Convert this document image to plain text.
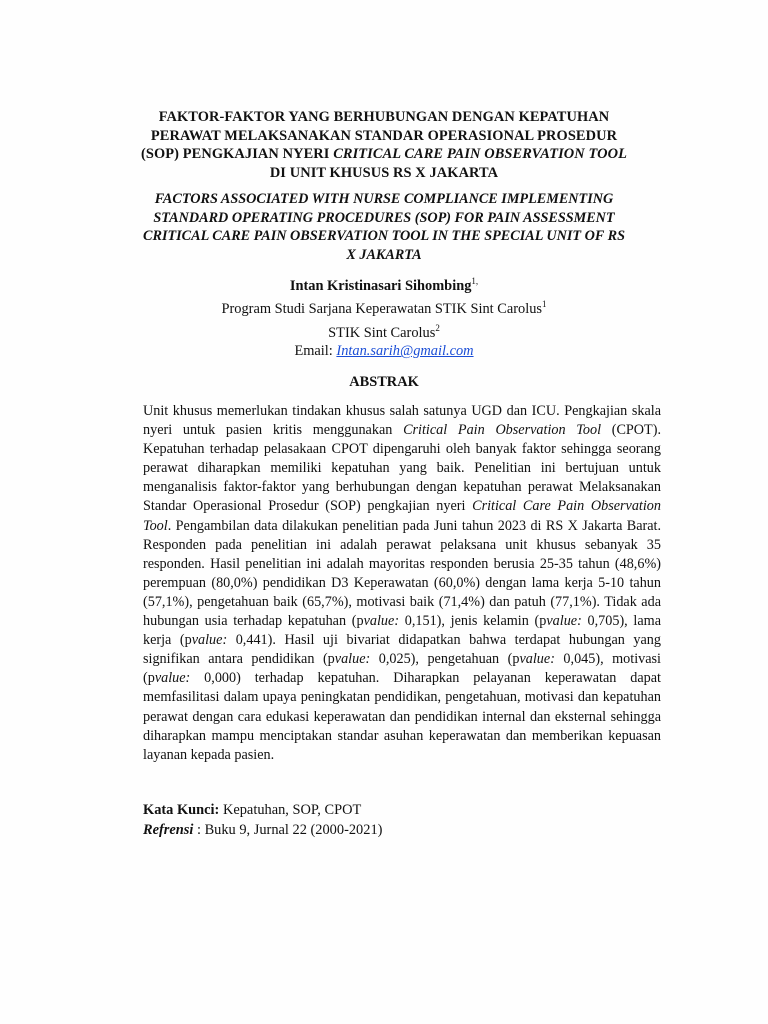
FAKTOR-FAKTOR YANG BERHUBUNGAN DENGAN KEPATUHAN
PERAWAT MELAKSANAKAN STANDAR OPERASIONAL PROSEDUR
(SOP) PENGKAJIAN NYERI CRITICAL CARE PAIN OBSERVATION TOOL
DI UNIT KHUSUS RS X JAKARTA
FACTORS ASSOCIATED WITH NURSE COMPLIANCE IMPLEMENTING
STANDARD OPERATING PROCEDURES (SOP) FOR PAIN ASSESSMENT
CRITICAL CARE PAIN OBSERVATION TOOL IN THE SPECIAL UNIT OF RS
X JAKARTA
Intan Kristinasari Sihombing$^{1,}$
Program Studi Sarjana Keperawatan STIK Sint Carolus$^1$
STIK Sint Carolus$^2$
Email: Intan.sarih@gmail.com
ABSTRAK

Unit khusus memerlukan tindakan khusus salah satunya UGD dan ICU. Pengkajian skala nyeri untuk pasien kritis menggunakan Critical Pain Observation Tool (CPOT). Kepatuhan terhadap pelasakaan CPOT dipengaruhi oleh banyak faktor sehingga seorang perawat diharapkan memiliki kepatuhan yang baik. Penelitian ini bertujuan untuk menganalisis faktor-faktor yang berhubungan dengan kepatuhan perawat Melaksanakan Standar Operasional Prosedur (SOP) pengkajian nyeri Critical Care Pain Observation Tool. Pengambilan data dilakukan penelitian pada Juni tahun 2023 di RS X Jakarta Barat. Responden pada penelitian ini adalah perawat pelaksana unit khusus sebanyak 35 responden. Hasil penelitian ini adalah mayoritas responden berusia 25-35 tahun (48,6%) perempuan (80,0%) pendidikan D3 Keperawatan (60,0%) dengan lama kerja 5-10 tahun (57,1%), pengetahuan baik (65,7%), motivasi baik (71,4%) dan patuh (77,1%). Tidak ada hubungan usia terhadap kepatuhan (pvalue: 0,151), jenis kelamin (pvalue: 0,705), lama kerja (pvalue: 0,441). Hasil uji bivariat didapatkan bahwa terdapat hubungan yang signifikan antara pendidikan (pvalue: 0,025), pengetahuan (pvalue: 0,045), motivasi (pvalue: 0,000) terhadap kepatuhan. Diharapkan pelayanan keperawatan dapat memfasilitasi dalam upaya peningkatan pendidikan, pengetahuan, motivasi dan kepatuhan perawat dengan cara edukasi keperawatan dan pendidikan internal dan eksternal sehingga diharapkan mampu menciptakan standar asuhan keperawatan dan memberikan kepuasan layanan kepada pasien.

Kata Kunci: Kepatuhan, SOP, CPOT
Refrensi : Buku 9, Jurnal 22 (2000-2021)
